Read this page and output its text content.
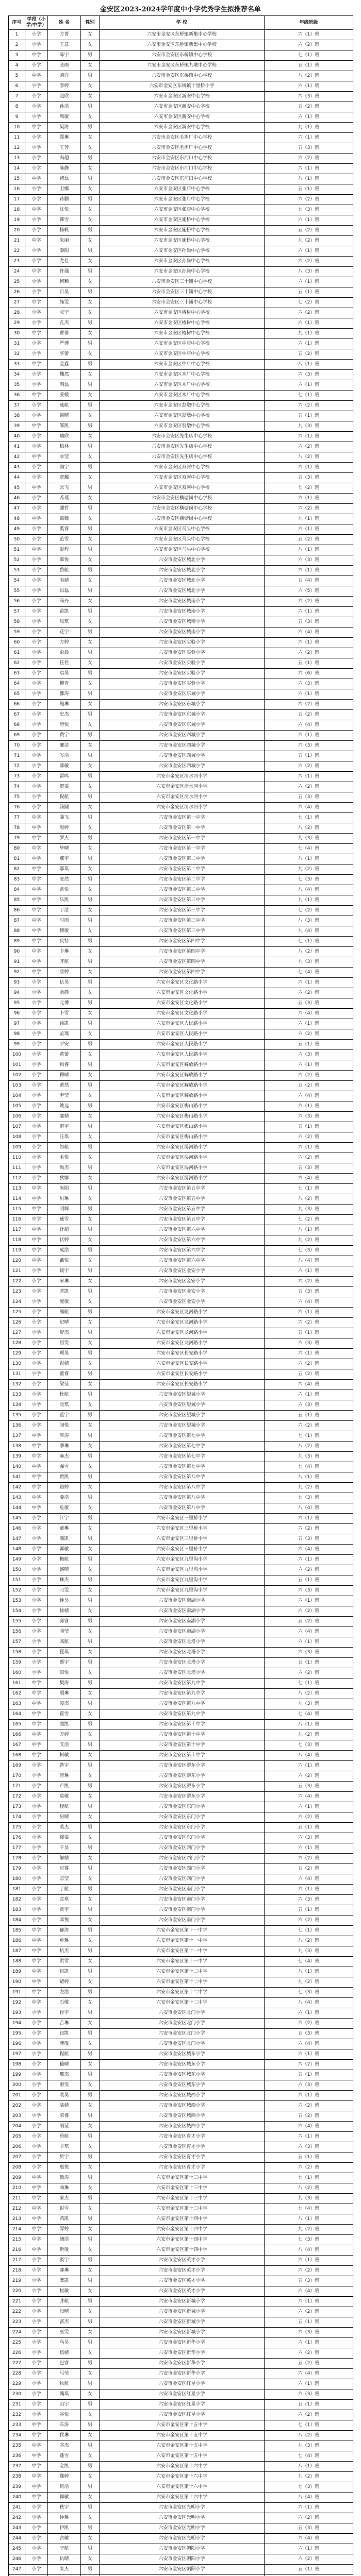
金安区2023-2024学年度中小学优秀学生拟推荐名单
序号	学段（小学/中学）	姓 名	性别	学 校	年级班级
1	小学	方菁	女	六安市金安区东桥镇新集中心学校	六（1）班
2	小学	王慧	女	六安市金安区东桥镇新集中心学校	六（2）班
3	中学	陈宇	男	六安市金安区东桥镇中心学校	七（1）班
4	小学	张雨	女	六安市金安区东桥镇九墩中心学校	五（1）班
5	中学	刘洋	男	六安市金安区东桥镇中心学校	八（2）班
6	小学	李婷	女	六安市金安区东桥镇十里桥小学	六（1）班
7	小学	赵欣	女	六安市金安区新安中心学校	六（3）班
8	小学	孙浩	男	六安市金安区新安中心学校	五（2）班
9	小学	周敏	女	六安市金安区新安中心学校	六（1）班
10	中学	吴涛	男	六安市金安区新安中心学校	九（1）班
11	小学	郑琳	女	六安市金安区毛坦厂中心学校	六（1）班
12	小学	王芳	女	六安市金安区毛坦厂中心学校	五（3）班
13	小学	冯超	男	六安市金安区东河口中心学校	六（2）班
14	小学	陈静	女	六安市金安区东河口中心学校	六（1）班
15	中学	褚磊	男	六安市金安区东河口中心学校	八（1）班
16	小学	卫娜	女	六安市金安区张店中心学校	五（1）班
17	小学	蒋鹏	男	六安市金安区张店中心学校	六（2）班
18	中学	沈悦	女	六安市金安区张店中心学校	七（3）班
19	小学	韩雪	女	六安市金安区施桥中心学校	六（1）班
20	小学	杨帆	男	六安市金安区施桥中心学校	五（2）班
21	中学	朱丽	女	六安市金安区施桥中心学校	九（2）班
22	小学	秦阳	男	六安市金安区孙岗中心学校	六（1）班
23	小学	尤佳	女	六安市金安区孙岗中心学校	六（2）班
24	中学	许强	男	六安市金安区孙岗中心学校	八（3）班
25	小学	何颖	女	六安市金安区三十铺中心学校	六（1）班
26	小学	吕昊	男	六安市金安区三十铺中心学校	五（1）班
27	中学	施雯	女	六安市金安区三十铺中心学校	七（2）班
28	小学	张宁	女	六安市金安区椿树中心学校	六（2）班
29	小学	孔杰	男	六安市金安区椿树中心学校	六（1）班
30	中学	曹倩	女	六安市金安区椿树中心学校	九（1）班
31	小学	严博	男	六安市金安区中店中心学校	六（1）班
32	小学	华蕾	女	六安市金安区中店中心学校	五（2）班
33	中学	金鑫	男	六安市金安区中店中心学校	八（1）班
34	小学	魏然	女	六安市金安区木厂中心学校	六（3）班
35	小学	陶磊	男	六安市金安区木厂中心学校	六（1）班
36	中学	姜媛	女	六安市金安区木厂中心学校	七（1）班
37	小学	戚航	男	六安市金安区翁墩中心学校	六（2）班
38	小学	谢晴	女	六安市金安区翁墩中心学校	五（1）班
39	中学	邹凯	男	六安市金安区翁墩中心学校	九（3）班
40	小学	喻欣	女	六安市金安区先生店中心学校	六（1）班
41	小学	柏林	男	六安市金安区先生店中心学校	六（2）班
42	中学	水莹	女	六安市金安区先生店中心学校	八（2）班
43	小学	窦宇	男	六安市金安区双河中心学校	六（1）班
44	小学	章璐	女	六安市金安区双河中心学校	五（3）班
45	中学	云飞	男	六安市金安区双河中心学校	七（2）班
46	小学	苏瑶	女	六安市金安区横塘岗中心学校	六（1）班
47	小学	潘哲	男	六安市金安区横塘岗中心学校	六（2）班
48	中学	葛薇	女	六安市金安区横塘岗中心学校	九（1）班
49	小学	奚睿	男	六安市金安区马头中心学校	六（1）班
50	小学	范雪	女	六安市金安区马头中心学校	五（2）班
51	中学	彭程	男	六安市金安区马头中心学校	八（1）班
52	小学	郎悦	女	六安市金安区城北小学	六（3）班
53	小学	鲁航	男	六安市金安区城北小学	六（1）班
54	小学	韦婧	女	六安市金安区城北小学	五（4）班
55	小学	昌磊	男	六安市金安区城北小学	六（5）班
56	小学	马丹	女	六安市金安区城南小学	六（2）班
57	小学	苗凯	男	六安市金安区城南小学	六（1）班
58	小学	凤琪	女	六安市金安区城南小学	五（3）班
59	小学	花宇	男	六安市金安区城南小学	六（4）班
60	小学	方婷	女	六安市金安区实验小学	六（1）班
61	小学	俞晨	男	六安市金安区实验小学	六（2）班
62	小学	任佳	女	六安市金安区实验小学	五（1）班
63	小学	袁昊	男	六安市金安区实验小学	六（6）班
64	小学	柳青	女	六安市金安区实验小学	六（3）班
65	小学	酆涛	男	六安市金安区东城小学	六（1）班
66	小学	鲍琳	女	六安市金安区东城小学	六（2）班
67	小学	史杰	男	六安市金安区东城小学	五（2）班
68	小学	唐悦	女	六安市金安区东城小学	六（4）班
69	小学	费宁	男	六安市金安区西城小学	六（1）班
70	小学	廉洁	女	六安市金安区西城小学	六（3）班
71	小学	岑浩	男	六安市金安区西城小学	五（1）班
72	小学	薛敏	女	六安市金安区西城小学	六（2）班
73	小学	雷鸣	男	六安市金安区清水河小学	六（1）班
74	小学	贺雯	女	六安市金安区清水河小学	六（2）班
75	小学	倪航	男	六安市金安区清水河小学	五（3）班
76	小学	汤圆	女	六安市金安区清水河小学	六（4）班
77	中学	滕飞	男	六安市金安区第一中学	七（1）班
78	中学	殷婷	女	六安市金安区第一中学	八（2）班
79	中学	罗杰	男	六安市金安区第一中学	九（3）班
80	中学	毕晴	女	六安市金安区第一中学	七（4）班
81	中学	郝宇	男	六安市金安区第二中学	八（1）班
82	中学	邬琪	女	六安市金安区第二中学	九（2）班
83	中学	安然	男	六安市金安区第二中学	七（3）班
84	中学	常悦	女	六安市金安区第二中学	八（4）班
85	中学	乐凯	男	六安市金安区第三中学	九（1）班
86	中学	于洁	女	六安市金安区第三中学	七（2）班
87	中学	时雨	男	六安市金安区第三中学	八（3）班
88	中学	傅敏	女	六安市金安区第三中学	九（4）班
89	中学	皮特	男	六安市金安区第四中学	七（1）班
90	中学	卞琳	女	六安市金安区第四中学	八（2）班
91	中学	齐航	男	六安市金安区第四中学	九（3）班
92	中学	康婷	女	六安市金安区第四中学	七（4）班
93	小学	伍昊	男	六安市金安区文化路小学	六（1）班
94	小学	余静	女	六安市金安区文化路小学	六（2）班
95	小学	元博	男	六安市金安区文化路小学	五（3）班
96	小学	卜雪	女	六安市金安区文化路小学	六（4）班
97	小学	顾凯	男	六安市金安区人民路小学	六（1）班
98	小学	孟瑶	女	六安市金安区人民路小学	六（2）班
99	小学	平安	男	六安市金安区人民路小学	五（1）班
100	小学	黄蕾	女	六安市金安区人民路小学	六（3）班
101	小学	和睿	男	六安市金安区解放路小学	六（1）班
102	小学	穆晴	女	六安市金安区解放路小学	六（2）班
103	小学	萧然	男	六安市金安区解放路小学	五（2）班
104	小学	尹莹	女	六安市金安区解放路小学	六（4）班
105	小学	姚远	男	六安市金安区梅山路小学	六（1）班
106	小学	邵婧	女	六安市金安区梅山路小学	六（3）班
107	小学	湛宇	男	六安市金安区梅山路小学	五（1）班
108	小学	汪琪	女	六安市金安区梅山路小学	六（2）班
109	小学	祁航	男	六安市金安区淠河路小学	六（1）班
110	小学	毛悦	女	六安市金安区淠河路小学	六（2）班
111	小学	禹杰	男	六安市金安区淠河路小学	五（3）班
112	小学	狄娜	女	六安市金安区淠河路小学	六（4）班
113	中学	米阳	男	六安市金安区第五中学	七（1）班
114	中学	贝琳	女	六安市金安区第五中学	八（2）班
115	中学	明辉	男	六安市金安区第五中学	九（3）班
116	中学	臧雪	女	六安市金安区第五中学	七（2）班
117	中学	计超	男	六安市金安区第六中学	八（1）班
118	中学	伏婷	女	六安市金安区第六中学	九（2）班
119	中学	成浩	男	六安市金安区第六中学	七（3）班
120	中学	戴悦	女	六安市金安区第六中学	八（4）班
121	小学	谈宇	男	六安市金安区金安小学	六（1）班
122	小学	宋琳	女	六安市金安区金安小学	六（2）班
123	小学	茅凯	男	六安市金安区金安小学	五（3）班
124	小学	庞敏	女	六安市金安区金安小学	六（4）班
125	小学	熊航	男	六安市金安区龙河路小学	六（1）班
126	小学	纪晴	女	六安市金安区龙河路小学	六（2）班
127	小学	舒杰	男	六安市金安区龙河路小学	五（1）班
128	小学	屈雯	女	六安市金安区龙河路小学	六（3）班
129	小学	项昊	男	六安市金安区长安路小学	六（1）班
130	小学	祝婧	女	六安市金安区长安路小学	六（2）班
131	小学	董睿	男	六安市金安区长安路小学	五（2）班
132	小学	梁莹	女	六安市金安区长安路小学	六（4）班
133	小学	杜航	男	六安市金安区望城小学	六（1）班
134	小学	阮琪	女	六安市金安区望城小学	六（3）班
135	小学	蓝宇	男	六安市金安区望城小学	五（1）班
136	小学	闵悦	女	六安市金安区望城小学	六（2）班
137	中学	席涛	男	六安市金安区第七中学	七（1）班
138	中学	季琳	女	六安市金安区第七中学	八（2）班
139	中学	麻杰	男	六安市金安区第七中学	九（3）班
140	中学	强雪	女	六安市金安区第七中学	七（4）班
141	中学	贾凯	男	六安市金安区第八中学	八（1）班
142	中学	路婷	女	六安市金安区第八中学	九（2）班
143	中学	娄浩	男	六安市金安区第八中学	七（3）班
144	中学	危敏	女	六安市金安区第八中学	八（4）班
145	小学	江宇	男	六安市金安区三里桥小学	六（1）班
146	小学	童琳	女	六安市金安区三里桥小学	六（2）班
147	小学	颜凯	男	六安市金安区三里桥小学	五（3）班
148	小学	郭敏	女	六安市金安区三里桥小学	六（4）班
149	小学	梅航	男	六安市金安区九里沟小学	六（1）班
150	小学	盛晴	女	六安市金安区九里沟小学	六（2）班
151	小学	林杰	男	六安市金安区九里沟小学	五（1）班
152	小学	刁雯	女	六安市金安区九里沟小学	六（3）班
153	小学	钟昊	男	六安市金安区南湖小学	六（1）班
154	小学	徐婧	女	六安市金安区南湖小学	六（2）班
155	小学	邱睿	男	六安市金安区南湖小学	五（2）班
156	小学	骆莹	女	六安市金安区南湖小学	六（4）班
157	小学	高航	男	六安市金安区北塔小学	六（1）班
158	小学	夏琪	女	六安市金安区北塔小学	六（3）班
159	小学	蔡宇	男	六安市金安区北塔小学	五（1）班
160	小学	田悦	女	六安市金安区北塔小学	六（2）班
161	中学	樊涛	男	六安市金安区第九中学	七（1）班
162	中学	胡琳	女	六安市金安区第九中学	八（2）班
163	中学	凌杰	男	六安市金安区第九中学	九（3）班
164	中学	霍雪	女	六安市金安区第九中学	七（4）班
165	中学	虞凯	男	六安市金安区第十中学	八（1）班
166	中学	万婷	女	六安市金安区第十中学	九（2）班
167	中学	支浩	男	六安市金安区第十中学	七（3）班
168	中学	柯敏	女	六安市金安区第十中学	八（4）班
169	小学	昝宇	男	六安市金安区淠东小学	六（1）班
170	小学	管琳	女	六安市金安区淠东小学	六（2）班
171	小学	卢凯	男	六安市金安区淠东小学	五（3）班
172	小学	莫敏	女	六安市金安区淠东小学	六（4）班
173	小学	经航	男	六安市金安区东门小学	六（1）班
174	小学	房晴	女	六安市金安区东门小学	六（2）班
175	小学	裘杰	男	六安市金安区东门小学	五（1）班
176	小学	缪雯	女	六安市金安区东门小学	六（3）班
177	小学	干昊	男	六安市金安区西门小学	六（1）班
178	小学	解婧	女	六安市金安区西门小学	六（2）班
179	小学	应睿	男	六安市金安区西门小学	五（2）班
180	小学	宗莹	女	六安市金安区西门小学	六（4）班
181	小学	丁航	男	六安市金安区南门小学	六（1）班
182	小学	宣琪	女	六安市金安区南门小学	六（3）班
183	小学	贲宇	男	六安市金安区南门小学	五（1）班
184	小学	邓悦	女	六安市金安区南门小学	六（2）班
185	中学	郁涛	男	六安市金安区第十一中学	七（1）班
186	中学	单琳	女	六安市金安区第十一中学	八（2）班
187	中学	杭杰	男	六安市金安区第十一中学	九（3）班
188	中学	洪雪	女	六安市金安区第十一中学	七（4）班
189	中学	包凯	男	六安市金安区第十二中学	八（1）班
190	中学	诸婷	女	六安市金安区第十二中学	九（2）班
191	中学	左浩	男	六安市金安区第十二中学	七（3）班
192	中学	石敏	女	六安市金安区第十二中学	八（4）班
193	小学	崔宇	男	六安市金安区北门小学	六（1）班
194	小学	吉琳	女	六安市金安区北门小学	六（2）班
195	小学	钮凯	男	六安市金安区北门小学	五（3）班
196	小学	龚敏	女	六安市金安区北门小学	六（4）班
197	小学	程航	男	六安市金安区城东小学	六（1）班
198	小学	嵇晴	女	六安市金安区城东小学	六（2）班
199	小学	邢杰	男	六安市金安区城东小学	五（1）班
200	小学	滑雯	女	六安市金安区城东小学	六（3）班
201	小学	裴昊	男	六安市金安区城西小学	六（1）班
202	小学	陆婧	女	六安市金安区城西小学	六（2）班
203	小学	荣睿	男	六安市金安区城西小学	五（2）班
204	小学	翁莹	女	六安市金安区城西小学	六（4）班
205	小学	荀航	男	六安市金安区育才小学	六（1）班
206	小学	羊琪	女	六安市金安区育才小学	六（3）班
207	小学	於宇	男	六安市金安区育才小学	五（1）班
208	小学	惠悦	女	六安市金安区育才小学	六（2）班
209	中学	甄涛	男	六安市金安区第十三中学	七（1）班
210	中学	曲琳	女	六安市金安区第十三中学	八（2）班
211	中学	家杰	男	六安市金安区第十三中学	九（3）班
212	中学	封雪	女	六安市金安区第十三中学	七（4）班
213	中学	芮凯	男	六安市金安区第十四中学	八（1）班
214	中学	羿婷	女	六安市金安区第十四中学	九（2）班
215	中学	储浩	男	六安市金安区第十四中学	七（3）班
216	中学	靳敏	女	六安市金安区第十四中学	八（4）班
217	小学	汲宇	男	六安市金安区英才小学	六（1）班
218	小学	邴琳	女	六安市金安区英才小学	六（2）班
219	小学	糜凯	男	六安市金安区英才小学	五（3）班
220	小学	松敏	女	六安市金安区英才小学	六（4）班
221	小学	井航	男	六安市金安区新城小学	六（1）班
222	小学	段晴	女	六安市金安区新城小学	六（2）班
223	小学	富杰	男	六安市金安区新城小学	五（1）班
224	小学	巫雯	女	六安市金安区新城小学	六（3）班
225	小学	乌昊	男	六安市金安区新华小学	六（1）班
226	小学	焦婧	女	六安市金安区新华小学	六（2）班
227	小学	巴睿	男	六安市金安区新华小学	五（2）班
228	小学	弓莹	女	六安市金安区新华小学	六（4）班
229	小学	牧航	男	六安市金安区红星小学	六（1）班
230	小学	隗琪	女	六安市金安区红星小学	六（3）班
231	小学	山宇	男	六安市金安区红星小学	五（1）班
232	小学	谷悦	女	六安市金安区红星小学	六（2）班
233	中学	车涛	男	六安市金安区第十五中学	七（1）班
234	中学	侯琳	女	六安市金安区第十五中学	八（2）班
235	中学	宓杰	男	六安市金安区第十五中学	九（3）班
236	中学	蓬雪	女	六安市金安区第十五中学	七（4）班
237	中学	全凯	男	六安市金安区第十六中学	八（1）班
238	中学	郗婷	女	六安市金安区第十六中学	九（2）班
239	中学	班浩	男	六安市金安区第十六中学	七（3）班
240	中学	仰敏	女	六安市金安区第十六中学	八（4）班
241	小学	秋宇	男	六安市金安区光明小学	六（1）班
242	小学	仲琳	女	六安市金安区光明小学	六（2）班
243	小学	伊凯	男	六安市金安区光明小学	五（3）班
244	小学	宫敏	女	六安市金安区光明小学	六（4）班
245	小学	宁航	男	六安市金安区朝阳小学	六（1）班
246	小学	仇晴	女	六安市金安区朝阳小学	六（2）班
247	小学	栾杰	男	六安市金安区朝阳小学	五（1）班
